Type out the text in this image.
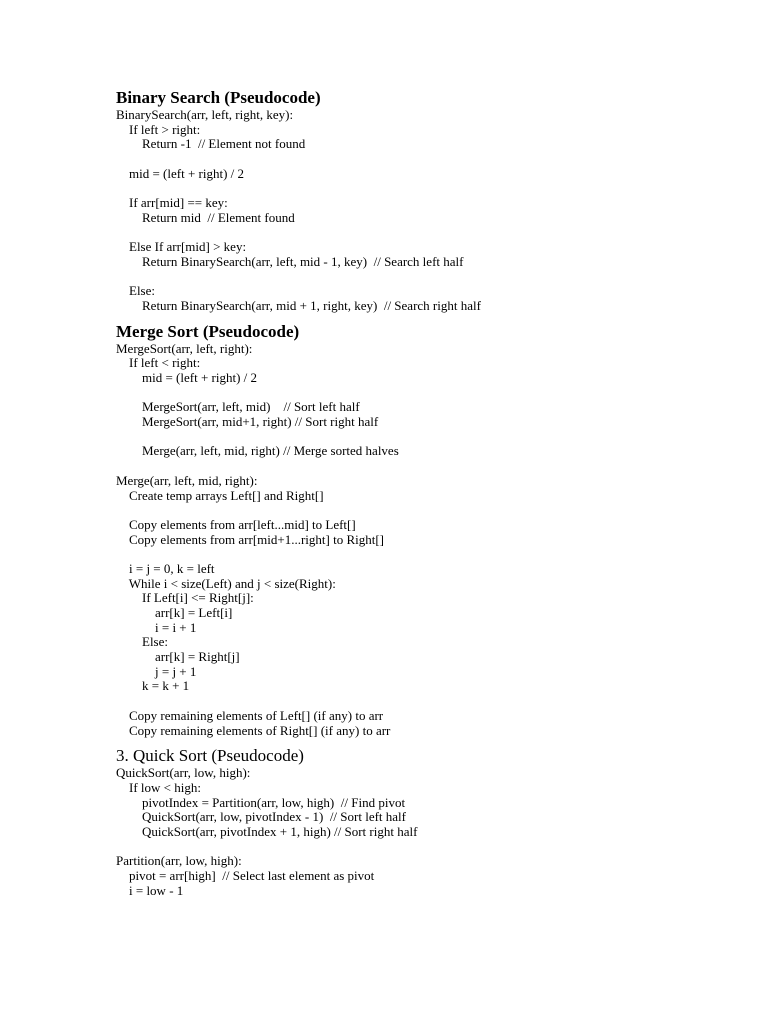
Binary Search (Pseudocode)
BinarySearch(arr, left, right, key):
If left > right:
Return -1  // Element not found
mid = (left + right) / 2
If arr[mid] == key:
Return mid  // Element found
Else If arr[mid] > key:
Return BinarySearch(arr, left, mid - 1, key)  // Search left half
Else:
Return BinarySearch(arr, mid + 1, right, key)  // Search right half
Merge Sort (Pseudocode)
MergeSort(arr, left, right):
If left < right:
mid = (left + right) / 2
MergeSort(arr, left, mid)    // Sort left half
MergeSort(arr, mid+1, right) // Sort right half
Merge(arr, left, mid, right) // Merge sorted halves
Merge(arr, left, mid, right):
Create temp arrays Left[] and Right[]
Copy elements from arr[left...mid] to Left[]
Copy elements from arr[mid+1...right] to Right[]
i = j = 0, k = left
While i < size(Left) and j < size(Right):
If Left[i] <= Right[j]:
arr[k] = Left[i]
i = i + 1
Else:
arr[k] = Right[j]
j = j + 1
k = k + 1
Copy remaining elements of Left[] (if any) to arr
Copy remaining elements of Right[] (if any) to arr
3. Quick Sort (Pseudocode)
QuickSort(arr, low, high):
If low < high:
pivotIndex = Partition(arr, low, high)  // Find pivot
QuickSort(arr, low, pivotIndex - 1)  // Sort left half
QuickSort(arr, pivotIndex + 1, high) // Sort right half
Partition(arr, low, high):
pivot = arr[high]  // Select last element as pivot
i = low - 1
